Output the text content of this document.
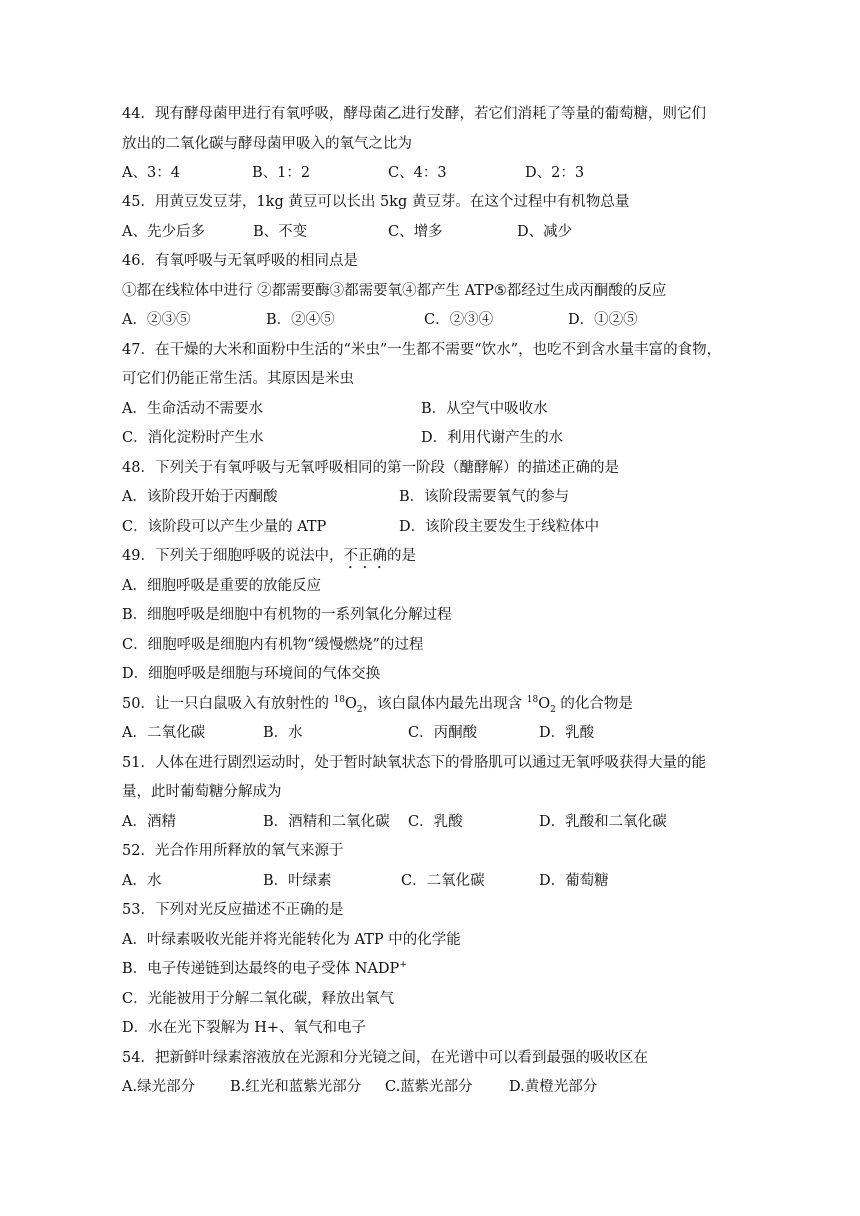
44．现有酵母菌甲进行有氧呼吸，酵母菌乙进行发酵，若它们消耗了等量的葡萄糖，则它们
放出的二氧化碳与酵母菌甲吸入的氧气之比为
A、3：4	B、1：2	C、4：3	D、2：3
45．用黄豆发豆芽，1kg 黄豆可以长出 5kg 黄豆芽。在这个过程中有机物总量
A、先少后多	B、不变	C、增多	D、减少
46．有氧呼吸与无氧呼吸的相同点是
①都在线粒体中进行 ②都需要酶③都需要氧④都产生 ATP⑤都经过生成丙酮酸的反应
A．②③⑤	B．②④⑤	C．②③④	D．①②⑤
47．在干燥的大米和面粉中生活的“米虫”一生都不需要“饮水”，也吃不到含水量丰富的食物，
可它们仍能正常生活。其原因是米虫
A．生命活动不需要水	B．从空气中吸收水
C．消化淀粉时产生水	D．利用代谢产生的水
48．下列关于有氧呼吸与无氧呼吸相同的第一阶段（醣酵解）的描述正确的是
A．该阶段开始于丙酮酸	B．该阶段需要氧气的参与
C．该阶段可以产生少量的 ATP	D．该阶段主要发生于线粒体中
49．下列关于细胞呼吸的说法中，不正确的是
A．细胞呼吸是重要的放能反应
B．细胞呼吸是细胞中有机物的一系列氧化分解过程
C．细胞呼吸是细胞内有机物“缓慢燃烧”的过程
D．细胞呼吸是细胞与环境间的气体交换
50．让一只白鼠吸入有放射性的 $^{18}O_2$，该白鼠体内最先出现含 $^{18}O_2$ 的化合物是
A．二氧化碳	B．水	C．丙酮酸	D．乳酸
51．人体在进行剧烈运动时，处于暂时缺氧状态下的骨胳肌可以通过无氧呼吸获得大量的能
量，此时葡萄糖分解成为
A．酒精	B．酒精和二氧化碳 C．乳酸	D．乳酸和二氧化碳
52．光合作用所释放的氧气来源于
A．水	B．叶绿素	C．二氧化碳	D．葡萄糖
53．下列对光反应描述不正确的是
A．叶绿素吸收光能并将光能转化为 ATP 中的化学能
B．电子传递链到达最终的电子受体 NADP+
C．光能被用于分解二氧化碳，释放出氧气
D．水在光下裂解为 H+、氧气和电子
54．把新鲜叶绿素溶液放在光源和分光镜之间，在光谱中可以看到最强的吸收区在
A.绿光部分 B.红光和蓝紫光部分 C.蓝紫光部分	D.黄橙光部分
